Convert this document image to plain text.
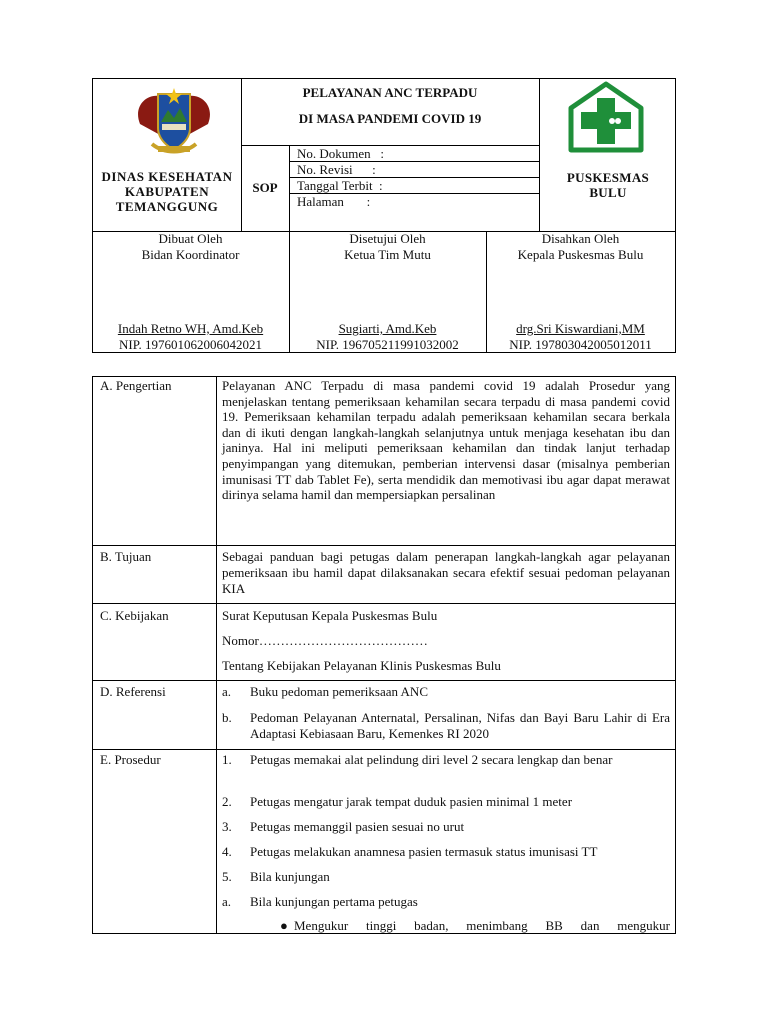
DINAS KESEHATAN KABUPATEN TEMANGGUNG
PELAYANAN ANC TERPADU
DI MASA PANDEMI COVID 19
SOP
No. Dokumen   :
No. Revisi      :
Tanggal Terbit  :
Halaman       :
PUSKESMAS BULU
Dibuat Oleh
Bidan Koordinator
Indah Retno WH, Amd.Keb
NIP. 197601062006042021
Disetujui Oleh
Ketua Tim Mutu
Sugiarti, Amd.Keb
NIP. 196705211991032002
Disahkan Oleh
Kepala Puskesmas Bulu
drg.Sri Kiswardiani,MM
NIP. 197803042005012011
A. Pengertian	Pelayanan ANC Terpadu di masa pandemi covid 19 adalah Prosedur yang menjelaskan tentang pemeriksaan kehamilan secara terpadu di masa pandemi covid 19. Pemeriksaan kehamilan terpadu adalah pemeriksaan kehamilan secara berkala dan di ikuti dengan langkah-langkah selanjutnya untuk menjaga kesehatan ibu dan janinya. Hal ini meliputi pemeriksaan kehamilan dan tindak lanjut terhadap penyimpangan yang ditemukan, pemberian intervensi dasar (misalnya pemberian imunisasi TT dab Tablet Fe), serta mendidik dan memotivasi ibu agar dapat merawat dirinya selama hamil dan mempersiapkan persalinan
B. Tujuan	Sebagai panduan bagi petugas dalam penerapan langkah-langkah agar pelayanan pemeriksaan ibu hamil dapat dilaksanakan secara efektif sesuai pedoman pelayanan KIA
C. Kebijakan	Surat Keputusan Kepala Puskesmas Bulu
Nomor…………………………………
Tentang Kebijakan Pelayanan Klinis Puskesmas Bulu
D. Referensi	a.	Buku pedoman pemeriksaan ANC
b.	Pedoman Pelayanan Anternatal, Persalinan, Nifas dan Bayi Baru Lahir di Era Adaptasi Kebiasaan Baru, Kemenkes RI 2020
E. Prosedur	1.	Petugas memakai alat pelindung diri level 2 secara lengkap dan benar
2.	Petugas mengatur jarak tempat duduk pasien minimal 1 meter
3.	Petugas memanggil pasien sesuai no urut
4.	Petugas melakukan anamnesa pasien termasuk status imunisasi TT
5.	Bila kunjungan
a.	Bila kunjungan pertama petugas
● Mengukur tinggi badan, menimbang BB dan mengukur
